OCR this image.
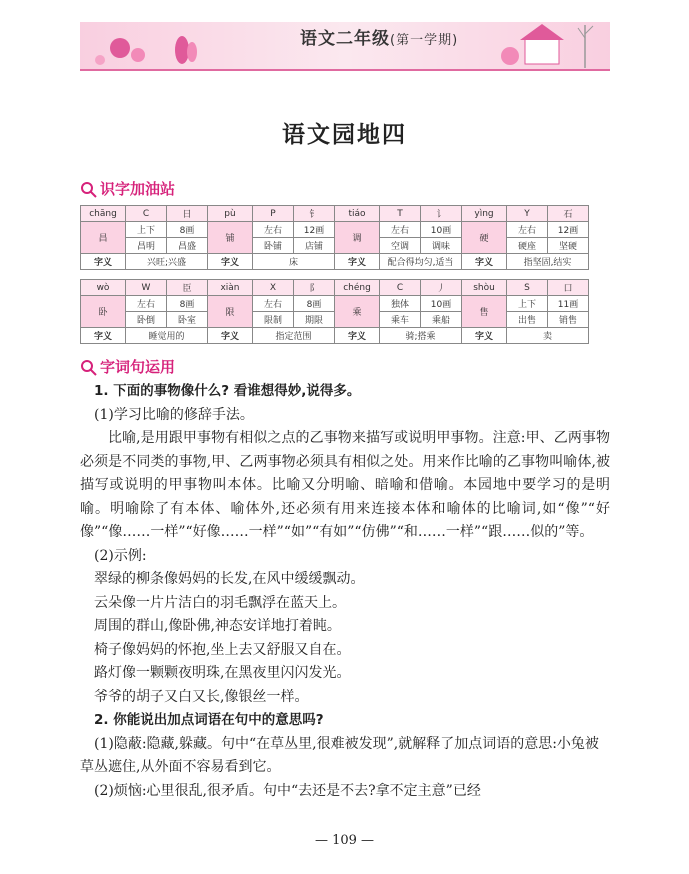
语文二年级(第一学期)
语文园地四
识字加油站
chāng	C	日	pù	P	钅	tiáo	T	讠	yìng	Y	石
昌	上下	8画	铺	左右	12画	调	左右	10画	硬	左右	12画
	昌明	昌盛		卧铺	店铺		空调	调味		硬座	坚硬
字义	兴旺;兴盛		字义	床		字义	配合得均匀,适当		字义	指坚固,结实	
wò	W	臣	xiàn	X	阝	chéng	C	丿	shòu	S	口
卧	左右	8画	限	左右	8画	乘	独体	10画	售	上下	11画
	卧倒	卧室		限制	期限		乘车	乘船		出售	销售
字义	睡觉用的		字义	指定范围		字义	骑;搭乘		字义	卖	
字词句运用

1. 下面的事物像什么? 看谁想得妙,说得多。

(1)学习比喻的修辞手法。

比喻,是用跟甲事物有相似之点的乙事物来描写或说明甲事物。注意:甲、乙两事物必须是不同类的事物,甲、乙两事物必须具有相似之处。用来作比喻的乙事物叫喻体,被描写或说明的甲事物叫本体。比喻又分明喻、暗喻和借喻。本园地中要学习的是明喻。明喻除了有本体、喻体外,还必须有用来连接本体和喻体的比喻词,如“像”“好像”“像……一样”“好像……一样”“如”“有如”“仿佛”“和……一样”“跟……似的”等。

(2)示例:

翠绿的柳条像妈妈的长发,在风中缓缓飘动。

云朵像一片片洁白的羽毛飘浮在蓝天上。

周围的群山,像卧佛,神态安详地打着盹。

椅子像妈妈的怀抱,坐上去又舒服又自在。

路灯像一颗颗夜明珠,在黑夜里闪闪发光。

爷爷的胡子又白又长,像银丝一样。

2. 你能说出加点词语在句中的意思吗?

(1)隐蔽:隐藏,躲藏。句中“在草丛里,很难被发现”,就解释了加点词语的意思:小兔被草丛遮住,从外面不容易看到它。

(2)烦恼:心里很乱,很矛盾。句中“去还是不去?拿不定主意”已经

— 109 —
